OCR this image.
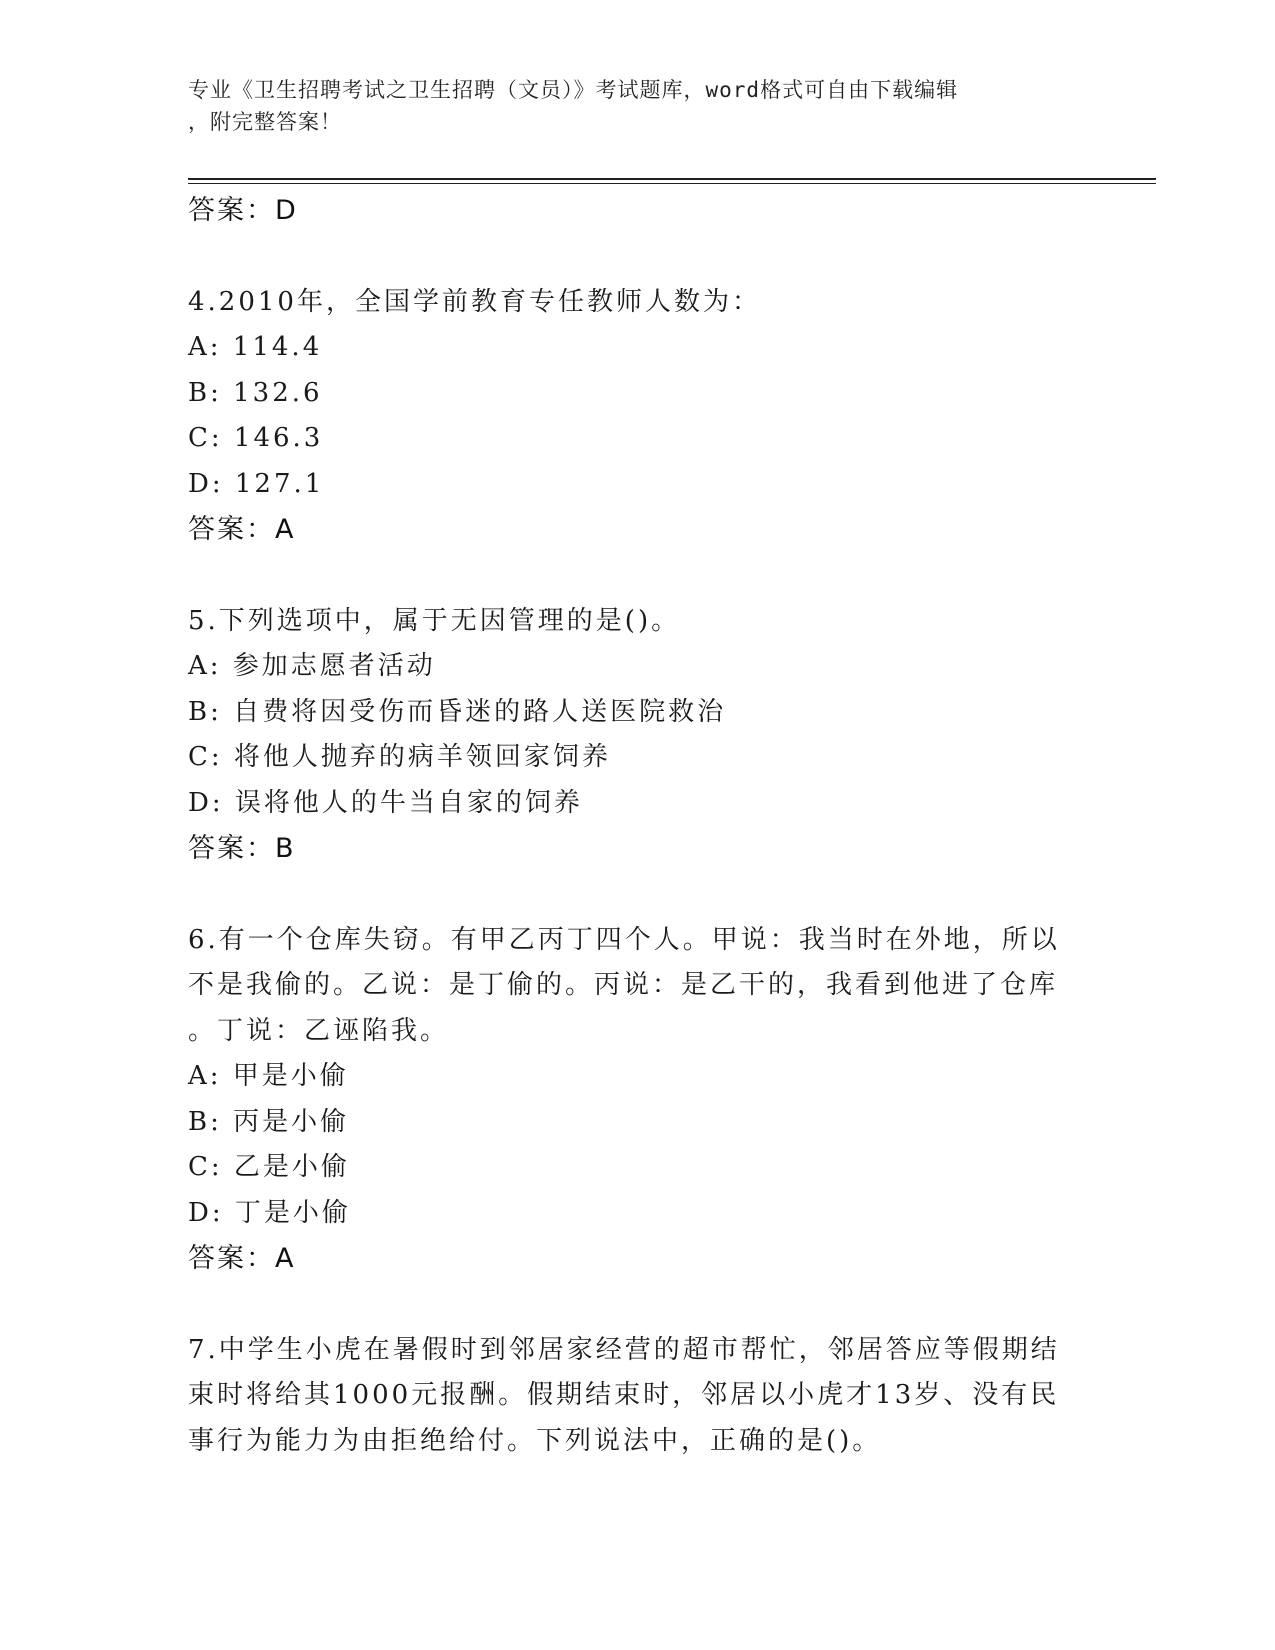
专业《卫生招聘考试之卫生招聘（文员）》考试题库，word格式可自由下载编辑
，附完整答案！
答案：D
4.2010年，全国学前教育专任教师人数为：
A: 114.4
B: 132.6
C: 146.3
D: 127.1
答案：A
5.下列选项中，属于无因管理的是()。
A: 参加志愿者活动
B: 自费将因受伤而昏迷的路人送医院救治
C: 将他人抛弃的病羊领回家饲养
D: 误将他人的牛当自家的饲养
答案：B
6.有一个仓库失窃。有甲乙丙丁四个人。甲说：我当时在外地，所以
不是我偷的。乙说：是丁偷的。丙说：是乙干的，我看到他进了仓库
。丁说：乙诬陷我。
A: 甲是小偷
B: 丙是小偷
C: 乙是小偷
D: 丁是小偷
答案：A
7.中学生小虎在暑假时到邻居家经营的超市帮忙，邻居答应等假期结
束时将给其1000元报酬。假期结束时，邻居以小虎才13岁、没有民
事行为能力为由拒绝给付。下列说法中，正确的是()。
